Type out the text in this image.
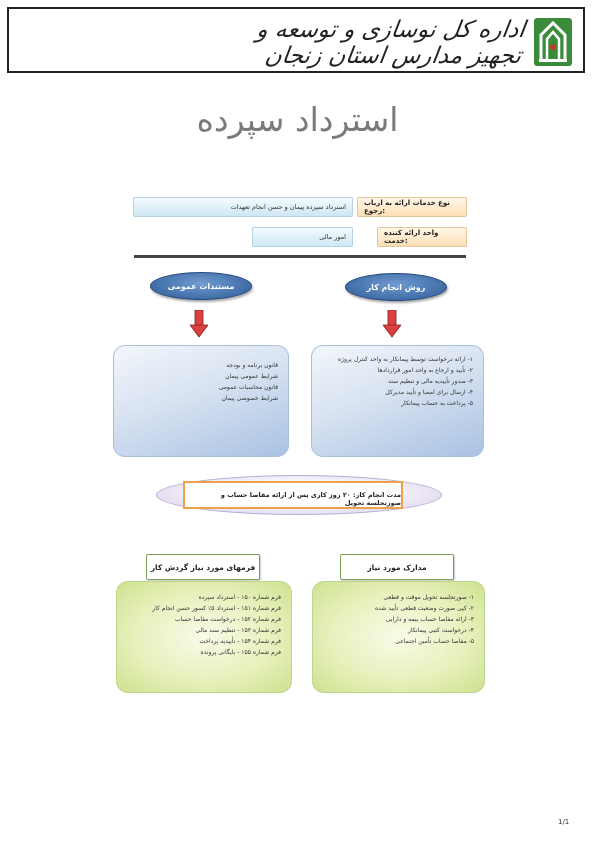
اداره کل نوسازی و توسعه و تجهیز مدارس استان زنجان
استرداد سپرده
استرداد سپرده پیمان و حسن انجام تعهدات	نوع خدمات ارائه به ارباب رجوع:
امور مالی	واحد ارائه کننده خدمت:
مستندات عمومی	روش انجام کار
قانون برنامه و بودجه
شرایط عمومی پیمان
قانون محاسبات عمومی
شرایط خصوصی پیمان
۱- ارائه درخواست توسط پیمانکار به واحد کنترل پروژه
۲- تأیید و ارجاع به واحد امور قراردادها
۳- صدور تأییدیه مالی و تنظیم سند
۴- ارسال برای امضا و تأیید مدیرکل
۵- پرداخت به حساب پیمانکار
مدت انجام کار: ۲۰ روز کاری پس از ارائه مفاصا حساب و صورتجلسه تحویل
فرمهای مورد نیاز گردش کار	مدارک مورد نیاز
فرم شماره ۱۵۰ - استرداد سپرده
فرم شماره ۱۵۱ - استرداد ۵٪ کسور حسن انجام کار
فرم شماره ۱۵۲ - درخواست مفاصا حساب
فرم شماره ۱۵۳ - تنظیم سند مالی
فرم شماره ۱۵۴ - تأییدیه پرداخت
فرم شماره ۱۵۵ - بایگانی پرونده
۱- صورتجلسه تحویل موقت و قطعی
۲- کپی صورت وضعیت قطعی تأیید شده
۳- ارائه مفاصا حساب بیمه و دارایی
۴- درخواست کتبی پیمانکار
۵- مفاصا حساب تأمین اجتماعی
1/1
